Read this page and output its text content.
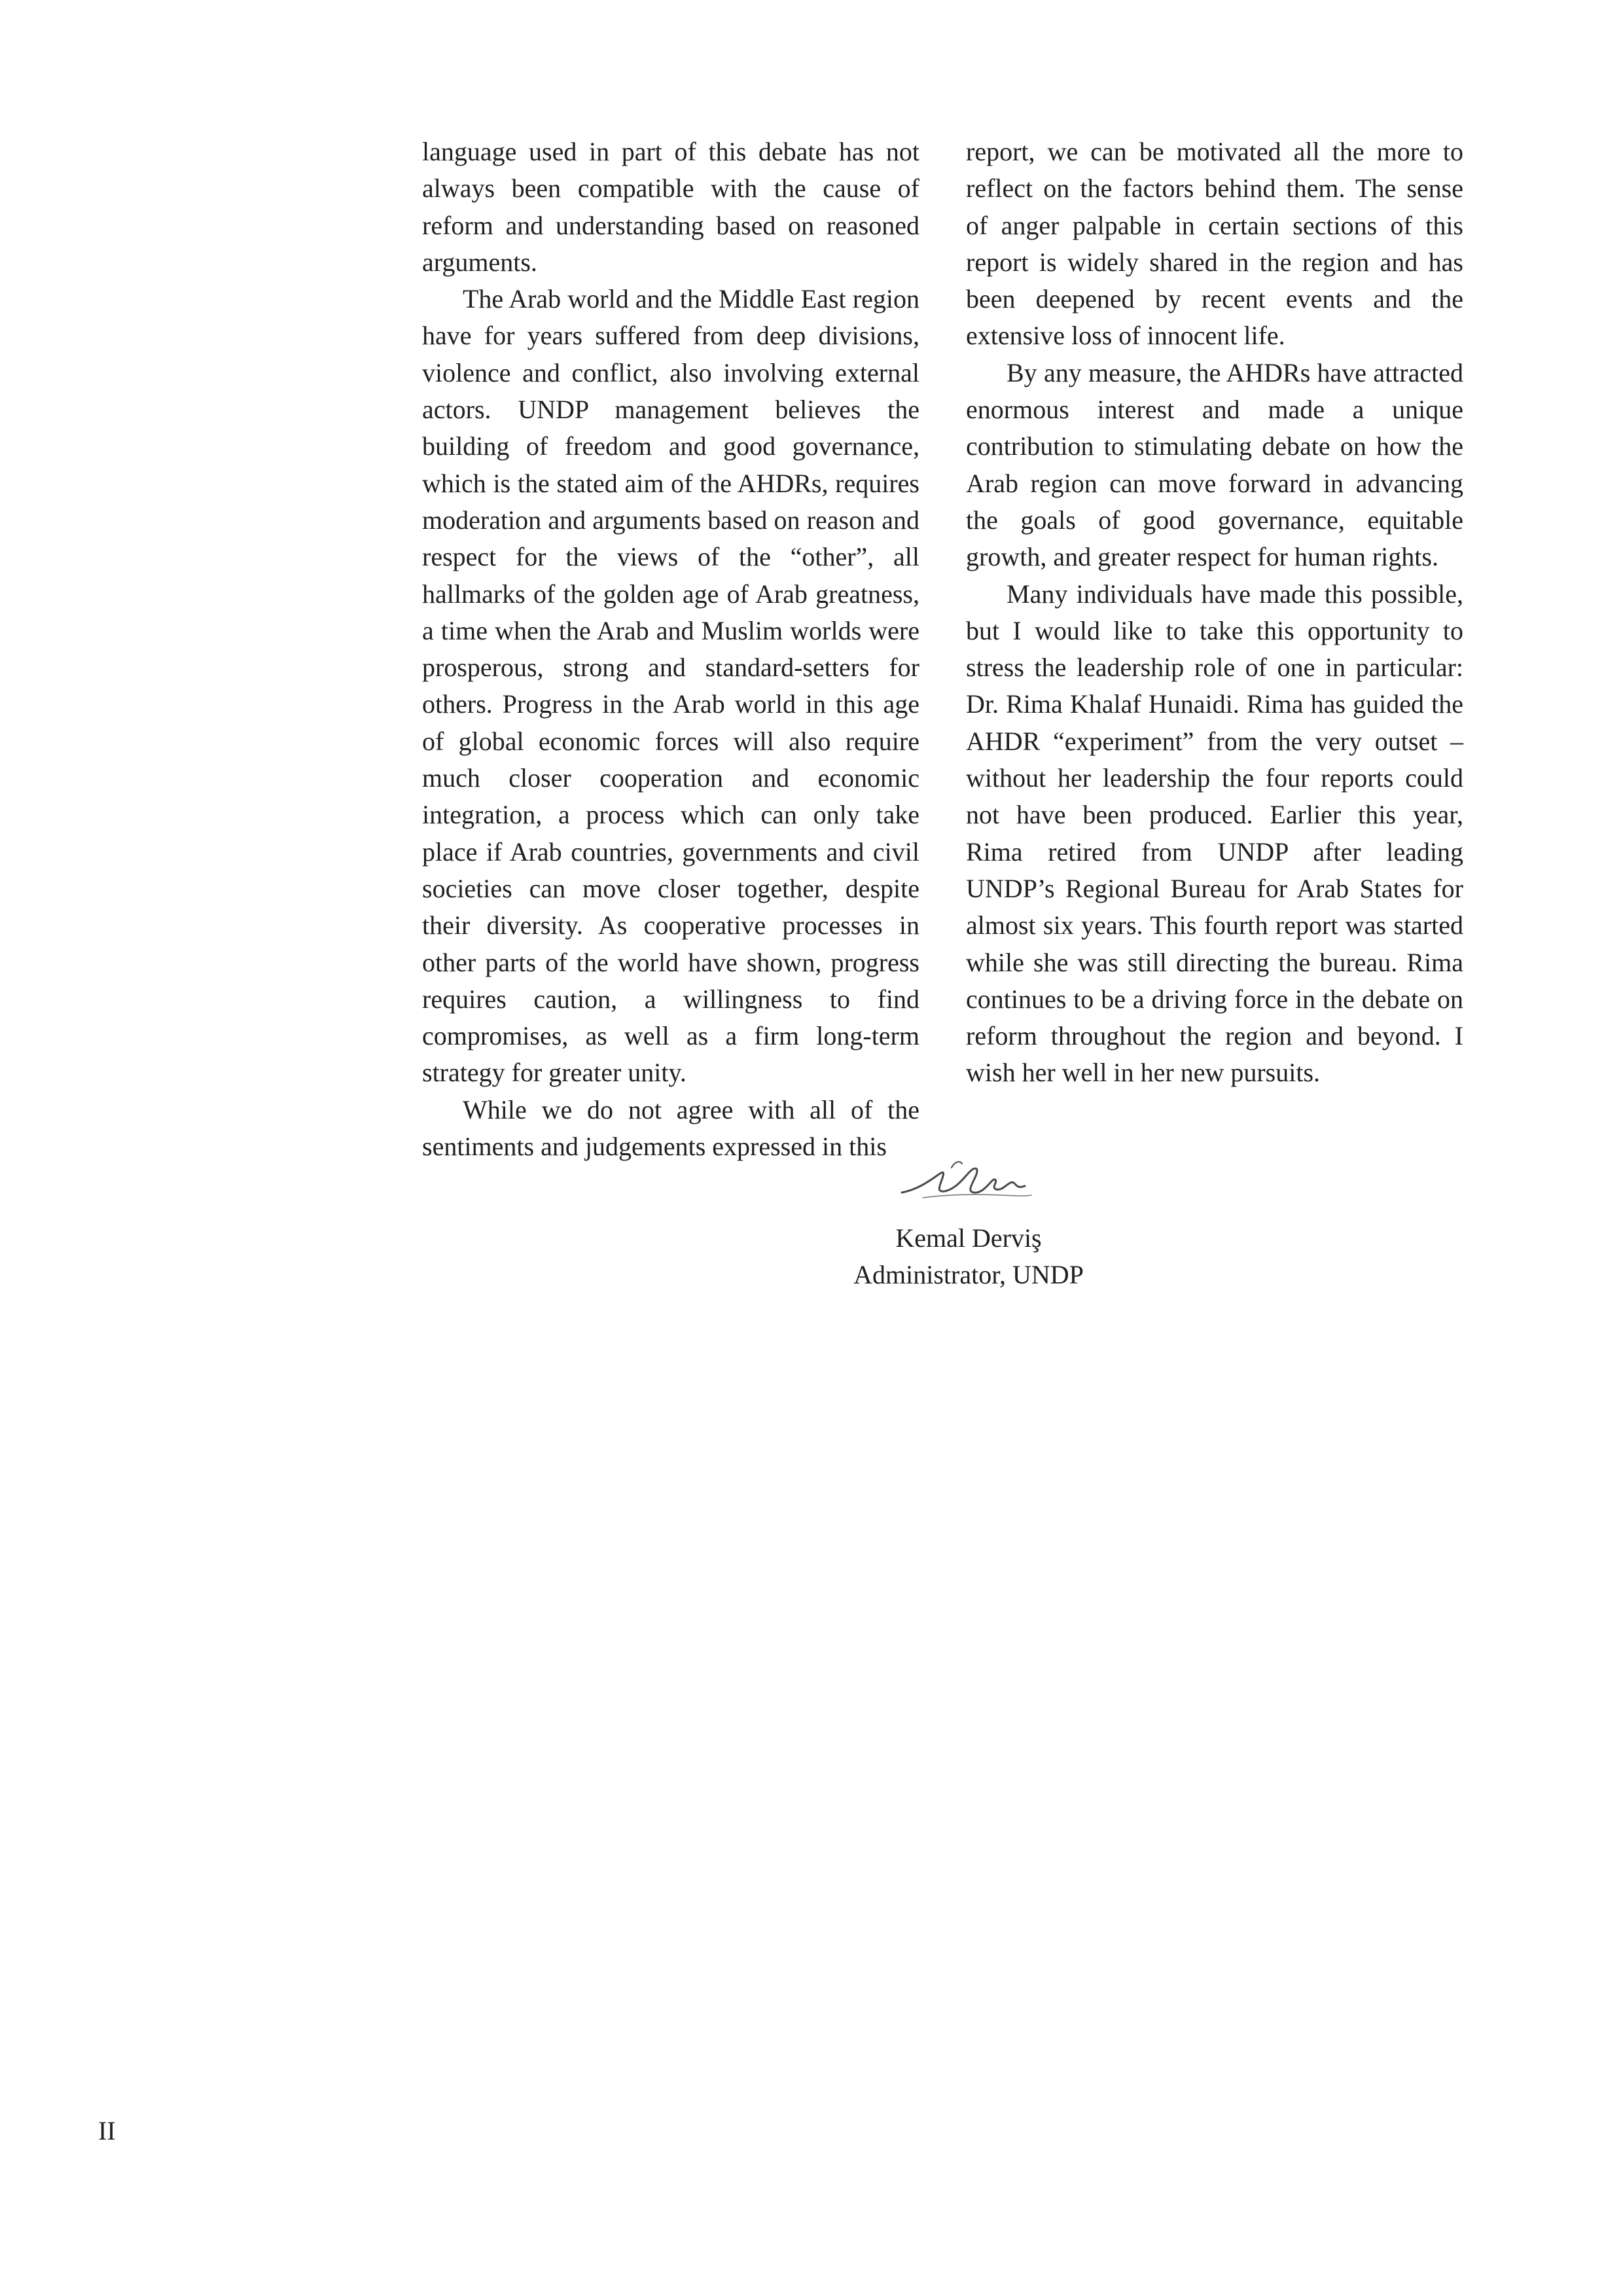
language used in part of this debate has not always been compatible with the cause of reform and understanding based on reasoned arguments.

The Arab world and the Middle East region have for years suffered from deep divisions, violence and conflict, also involving external actors. UNDP management believes the building of freedom and good governance, which is the stated aim of the AHDRs, requires moderation and arguments based on reason and respect for the views of the “other”, all hallmarks of the golden age of Arab greatness, a time when the Arab and Muslim worlds were prosperous, strong and standard-setters for others. Progress in the Arab world in this age of global economic forces will also require much closer cooperation and economic integration, a process which can only take place if Arab countries, governments and civil societies can move closer together, despite their diversity. As cooperative processes in other parts of the world have shown, progress requires caution, a willingness to find compromises, as well as a firm long-term strategy for greater unity.

While we do not agree with all of the sentiments and judgements expressed in this

report, we can be motivated all the more to reflect on the factors behind them. The sense of anger palpable in certain sections of this report is widely shared in the region and has been deepened by recent events and the extensive loss of innocent life.

By any measure, the AHDRs have attracted enormous interest and made a unique contribution to stimulating debate on how the Arab region can move forward in advancing the goals of good governance, equitable growth, and greater respect for human rights.

Many individuals have made this possible, but I would like to take this opportunity to stress the leadership role of one in particular: Dr. Rima Khalaf Hunaidi. Rima has guided the AHDR “experiment” from the very outset – without her leadership the four reports could not have been produced. Earlier this year, Rima retired from UNDP after leading UNDP’s Regional Bureau for Arab States for almost six years. This fourth report was started while she was still directing the bureau. Rima continues to be a driving force in the debate on reform throughout the region and beyond. I wish her well in her new pursuits.

Kemal Derviş
Administrator, UNDP
II
